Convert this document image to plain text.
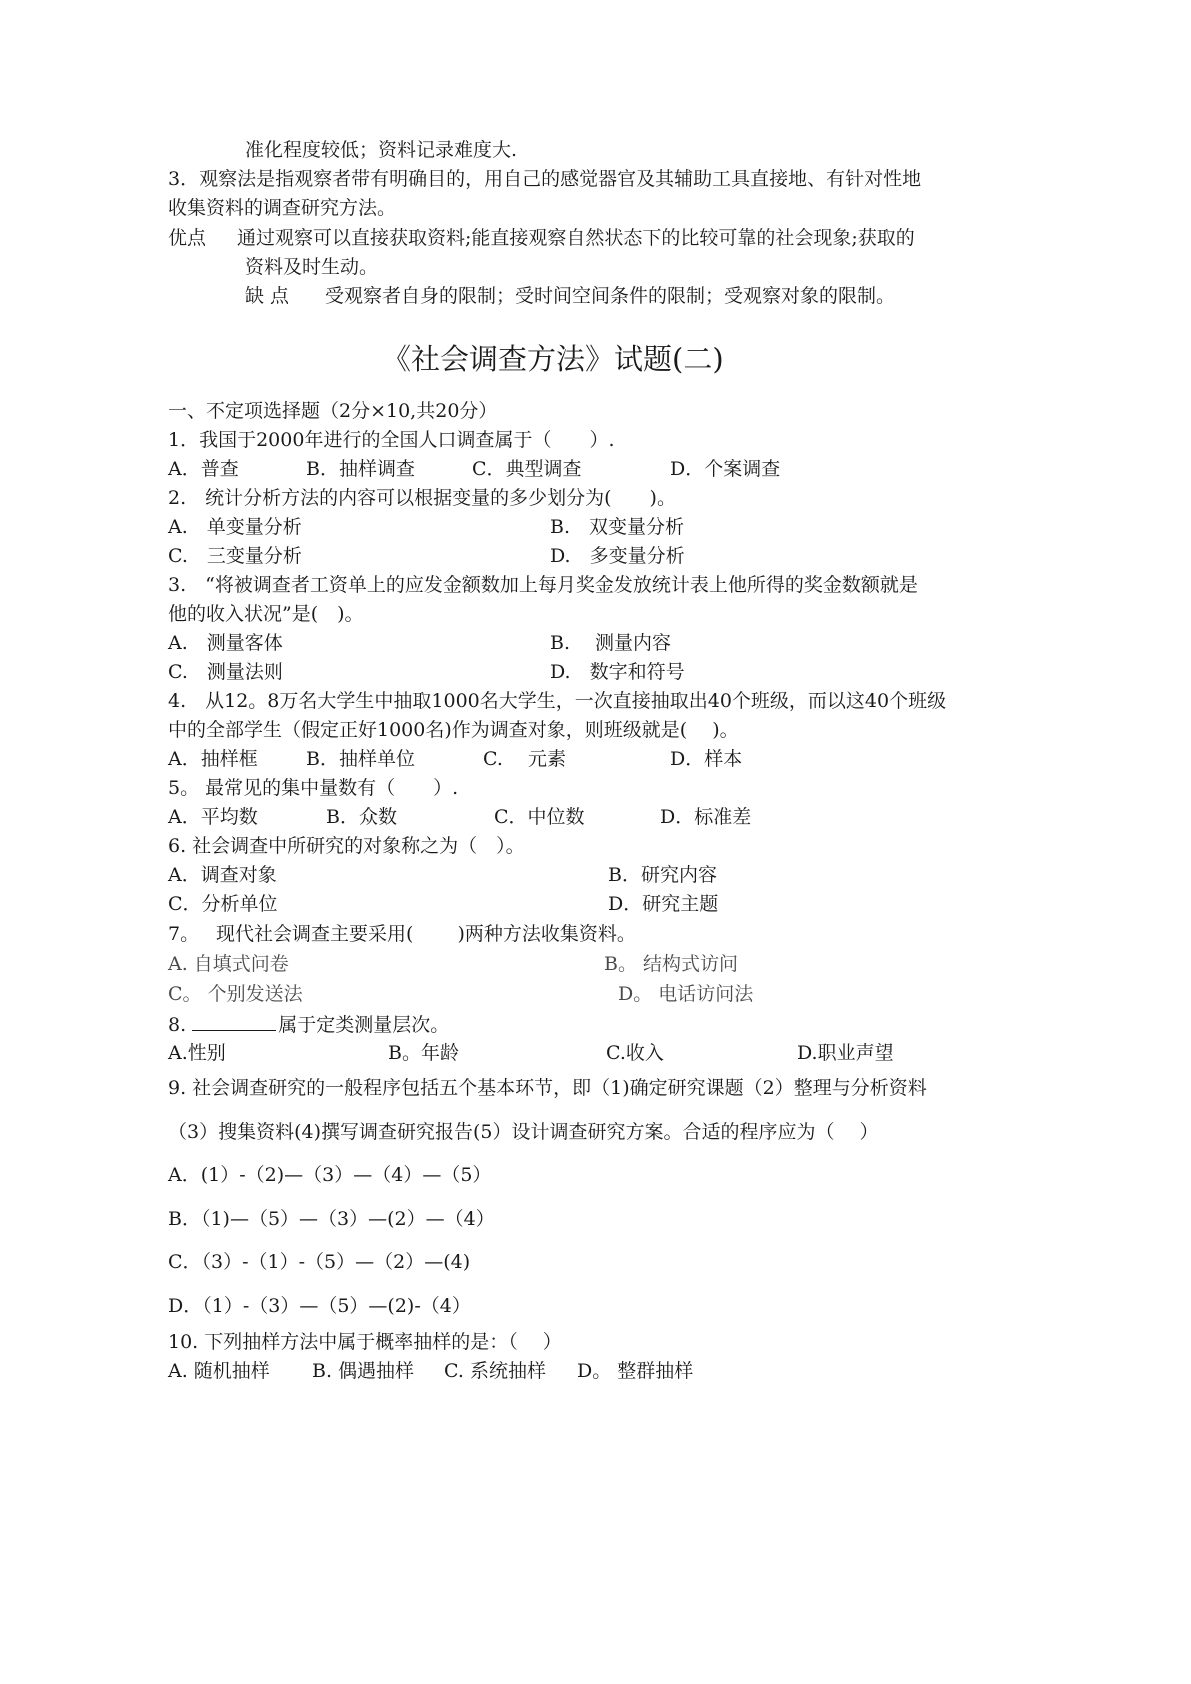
准化程度较低；资料记录难度大.
3．观察法是指观察者带有明确目的，用自己的感觉器官及其辅助工具直接地、有针对性地
收集资料的调查研究方法。
优点 通过观察可以直接获取资料;能直接观察自然状态下的比较可靠的社会现象;获取的
资料及时生动。
缺 点 受观察者自身的限制；受时间空间条件的限制；受观察对象的限制。
《社会调查方法》试题(二)
一、不定项选择题（2分×10,共20分）
1．我国于2000年进行的全国人口调查属于（　　）.
A．普查	B．抽样调查	C．典型调查	D．个案调查
2.　统计分析方法的内容可以根据变量的多少划分为(　　)。
A.　单变量分析	B.　双变量分析
C.　三变量分析	D.　多变量分析
3.　“将被调查者工资单上的应发金额数加上每月奖金发放统计表上他所得的奖金数额就是
他的收入状况”是(　)。
A.　测量客体	B.　 测量内容
C.　测量法则	D.　数字和符号
4.　从12。8万名大学生中抽取1000名大学生，一次直接抽取出40个班级，而以这40个班级
中的全部学生（假定正好1000名)作为调查对象，则班级就是(　 )。
A．抽样框	B．抽样单位	C.　 元素	D．样本
5。 最常见的集中量数有（　　）.
A．平均数	B．众数	C．中位数	D．标准差
6. 社会调查中所研究的对象称之为（　）。
A．调查对象	B．研究内容
C．分析单位	D．研究主题
7。 现代社会调查主要采用(　　 )两种方法收集资料。
A. 自填式问卷	B。 结构式访问
C。 个别发送法	D。 电话访问法
8.	属于定类测量层次。
A.性别	B。年龄	C.收入	D.职业声望
9. 社会调查研究的一般程序包括五个基本环节，即（1)确定研究课题（2）整理与分析资料
（3）搜集资料(4)撰写调查研究报告(5）设计调查研究方案。合适的程序应为（　 ）
A．(1）-（2)—（3）—（4）—（5）
B．（1)—（5）—（3）—(2）—（4）
C．（3）-（1）-（5）—（2）—(4)
D．（1）-（3）—（5）—(2)-（4）
10. 下列抽样方法中属于概率抽样的是：（　 ）
A. 随机抽样 B. 偶遇抽样 C. 系统抽样 D。 整群抽样
